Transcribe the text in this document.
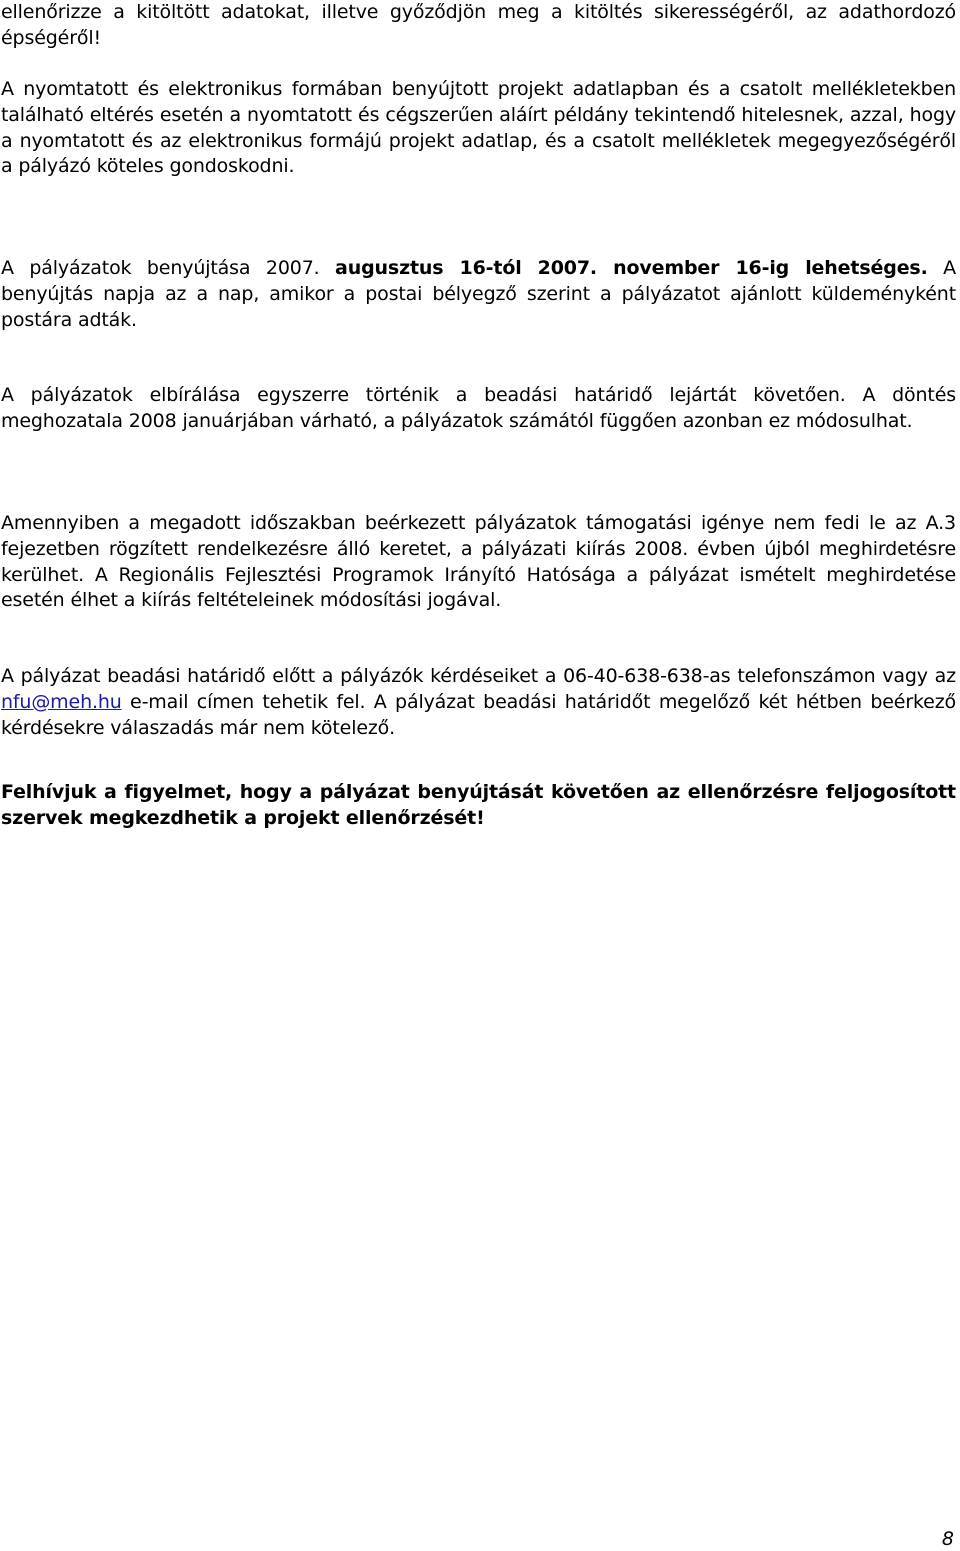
ellenőrizze a kitöltött adatokat, illetve győződjön meg a kitöltés sikerességéről, az adathordozó épségéről!

A nyomtatott és elektronikus formában benyújtott projekt adatlapban és a csatolt mellékletekben található eltérés esetén a nyomtatott és cégszerűen aláírt példány tekintendő hitelesnek, azzal, hogy a nyomtatott és az elektronikus formájú projekt adatlap, és a csatolt mellékletek megegyezőségéről a pályázó köteles gondoskodni.

A pályázatok benyújtása 2007. augusztus 16-tól 2007. november 16-ig lehetséges. A benyújtás napja az a nap, amikor a postai bélyegző szerint a pályázatot ajánlott küldeményként postára adták.

A pályázatok elbírálása egyszerre történik a beadási határidő lejártát követően. A döntés meghozatala 2008 januárjában várható, a pályázatok számától függően azonban ez módosulhat.

Amennyiben a megadott időszakban beérkezett pályázatok támogatási igénye nem fedi le az A.3 fejezetben rögzített rendelkezésre álló keretet, a pályázati kiírás 2008. évben újból meghirdetésre kerülhet. A Regionális Fejlesztési Programok Irányító Hatósága a pályázat ismételt meghirdetése esetén élhet a kiírás feltételeinek módosítási jogával.

A pályázat beadási határidő előtt a pályázók kérdéseiket a 06-40-638-638-as telefonszámon vagy az nfu@meh.hu e-mail címen tehetik fel. A pályázat beadási határidőt megelőző két hétben beérkező kérdésekre válaszadás már nem kötelező.

Felhívjuk a figyelmet, hogy a pályázat benyújtását követően az ellenőrzésre feljogosított szervek megkezdhetik a projekt ellenőrzését!

8
